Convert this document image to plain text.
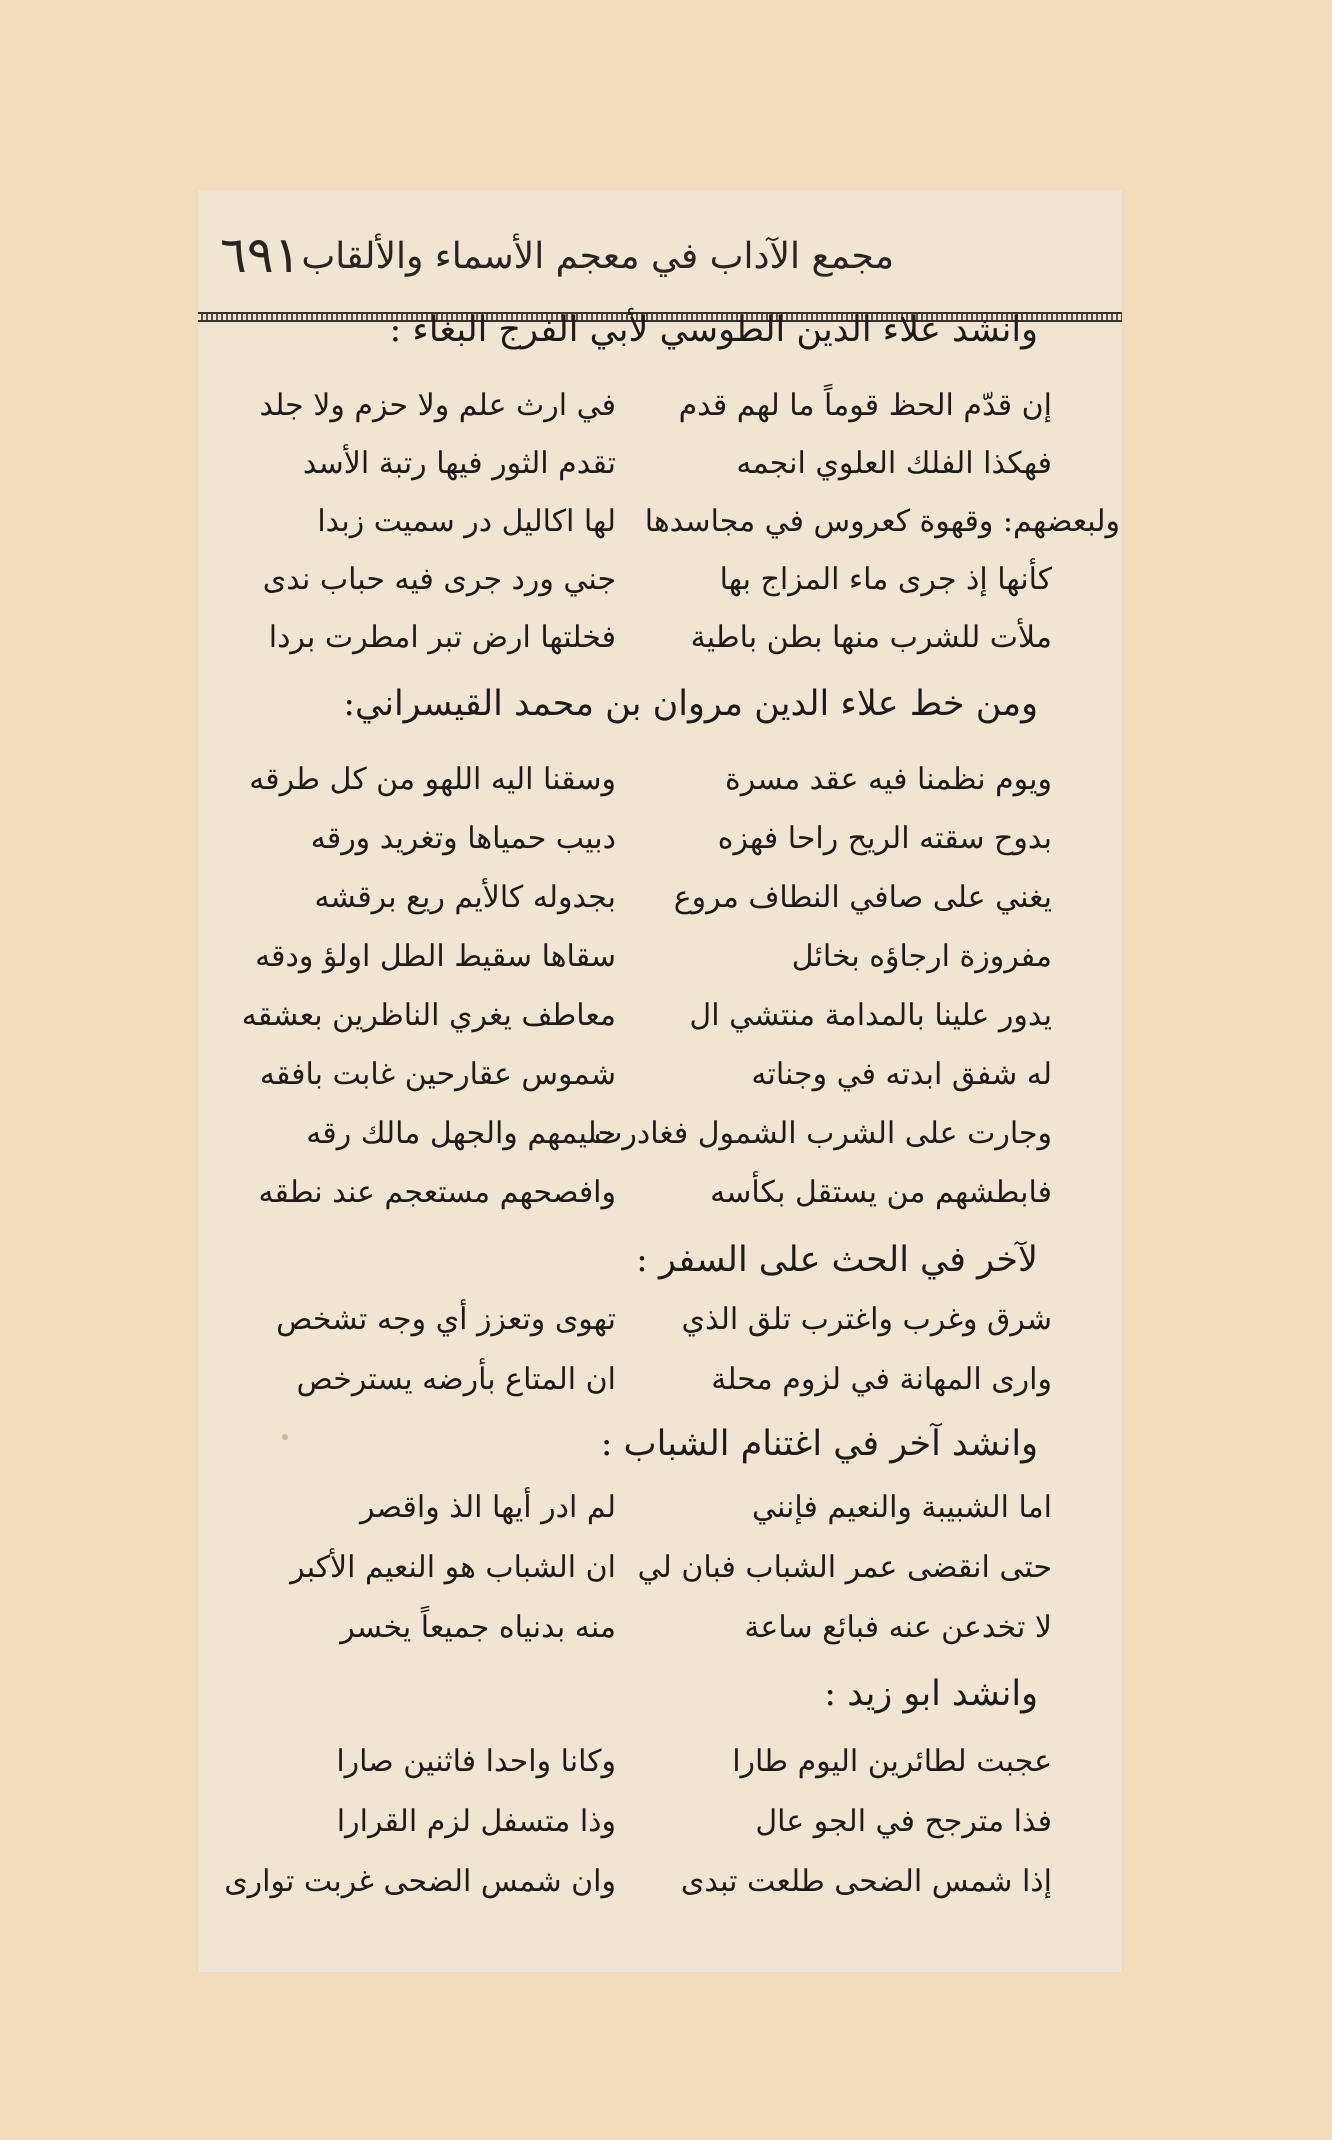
٦٩١ مجمع الآداب في معجم الأسماء والألقاب
وانشد علاء الدين الطوسي لأبي الفرج البغاء :
إن قدّم الحظ قوماً ما لهم قدم
في ارث علم ولا حزم ولا جلد
فهكذا الفلك العلوي انجمه
تقدم الثور فيها رتبة الأسد
ولبعضهم: وقهوة كعروس في مجاسدها
لها اكاليل در سميت زبدا
كأنها إذ جرى ماء المزاج بها
جني ورد جرى فيه حباب ندى
ملأت للشرب منها بطن باطية
فخلتها ارض تبر امطرت بردا
ومن خط علاء الدين مروان بن محمد القيسراني:
ويوم نظمنا فيه عقد مسرة
وسقنا اليه اللهو من كل طرقه
بدوح سقته الريح راحا فهزه
دبيب حمياها وتغريد ورقه
يغني على صافي النطاف مروع
بجدوله كالأيم ريع برقشه
مفروزة ارجاؤه بخائل
سقاها سقيط الطل اولؤ ودقه
يدور علينا بالمدامة منتشي ال
معاطف يغري الناظرين بعشقه
له شفق ابدته في وجناته
شموس عقارحين غابت بافقه
وجارت على الشرب الشمول فغادرت
حليمهم والجهل مالك رقه
فابطشهم من يستقل بكأسه
وافصحهم مستعجم عند نطقه
لآخر في الحث على السفر :
شرق وغرب واغترب تلق الذي
تهوى وتعزز أي وجه تشخص
وارى المهانة في لزوم محلة
ان المتاع بأرضه يسترخص
وانشد آخر في اغتنام الشباب :
اما الشبيبة والنعيم فإنني
لم ادر أيها الذ واقصر
حتى انقضى عمر الشباب فبان لي
ان الشباب هو النعيم الأكبر
لا تخدعن عنه فبائع ساعة
منه بدنياه جميعاً يخسر
وانشد ابو زيد :
عجبت لطائرين اليوم طارا
وكانا واحدا فاثنين صارا
فذا مترجح في الجو عال
وذا متسفل لزم القرارا
إذا شمس الضحى طلعت تبدى
وان شمس الضحى غربت توارى
